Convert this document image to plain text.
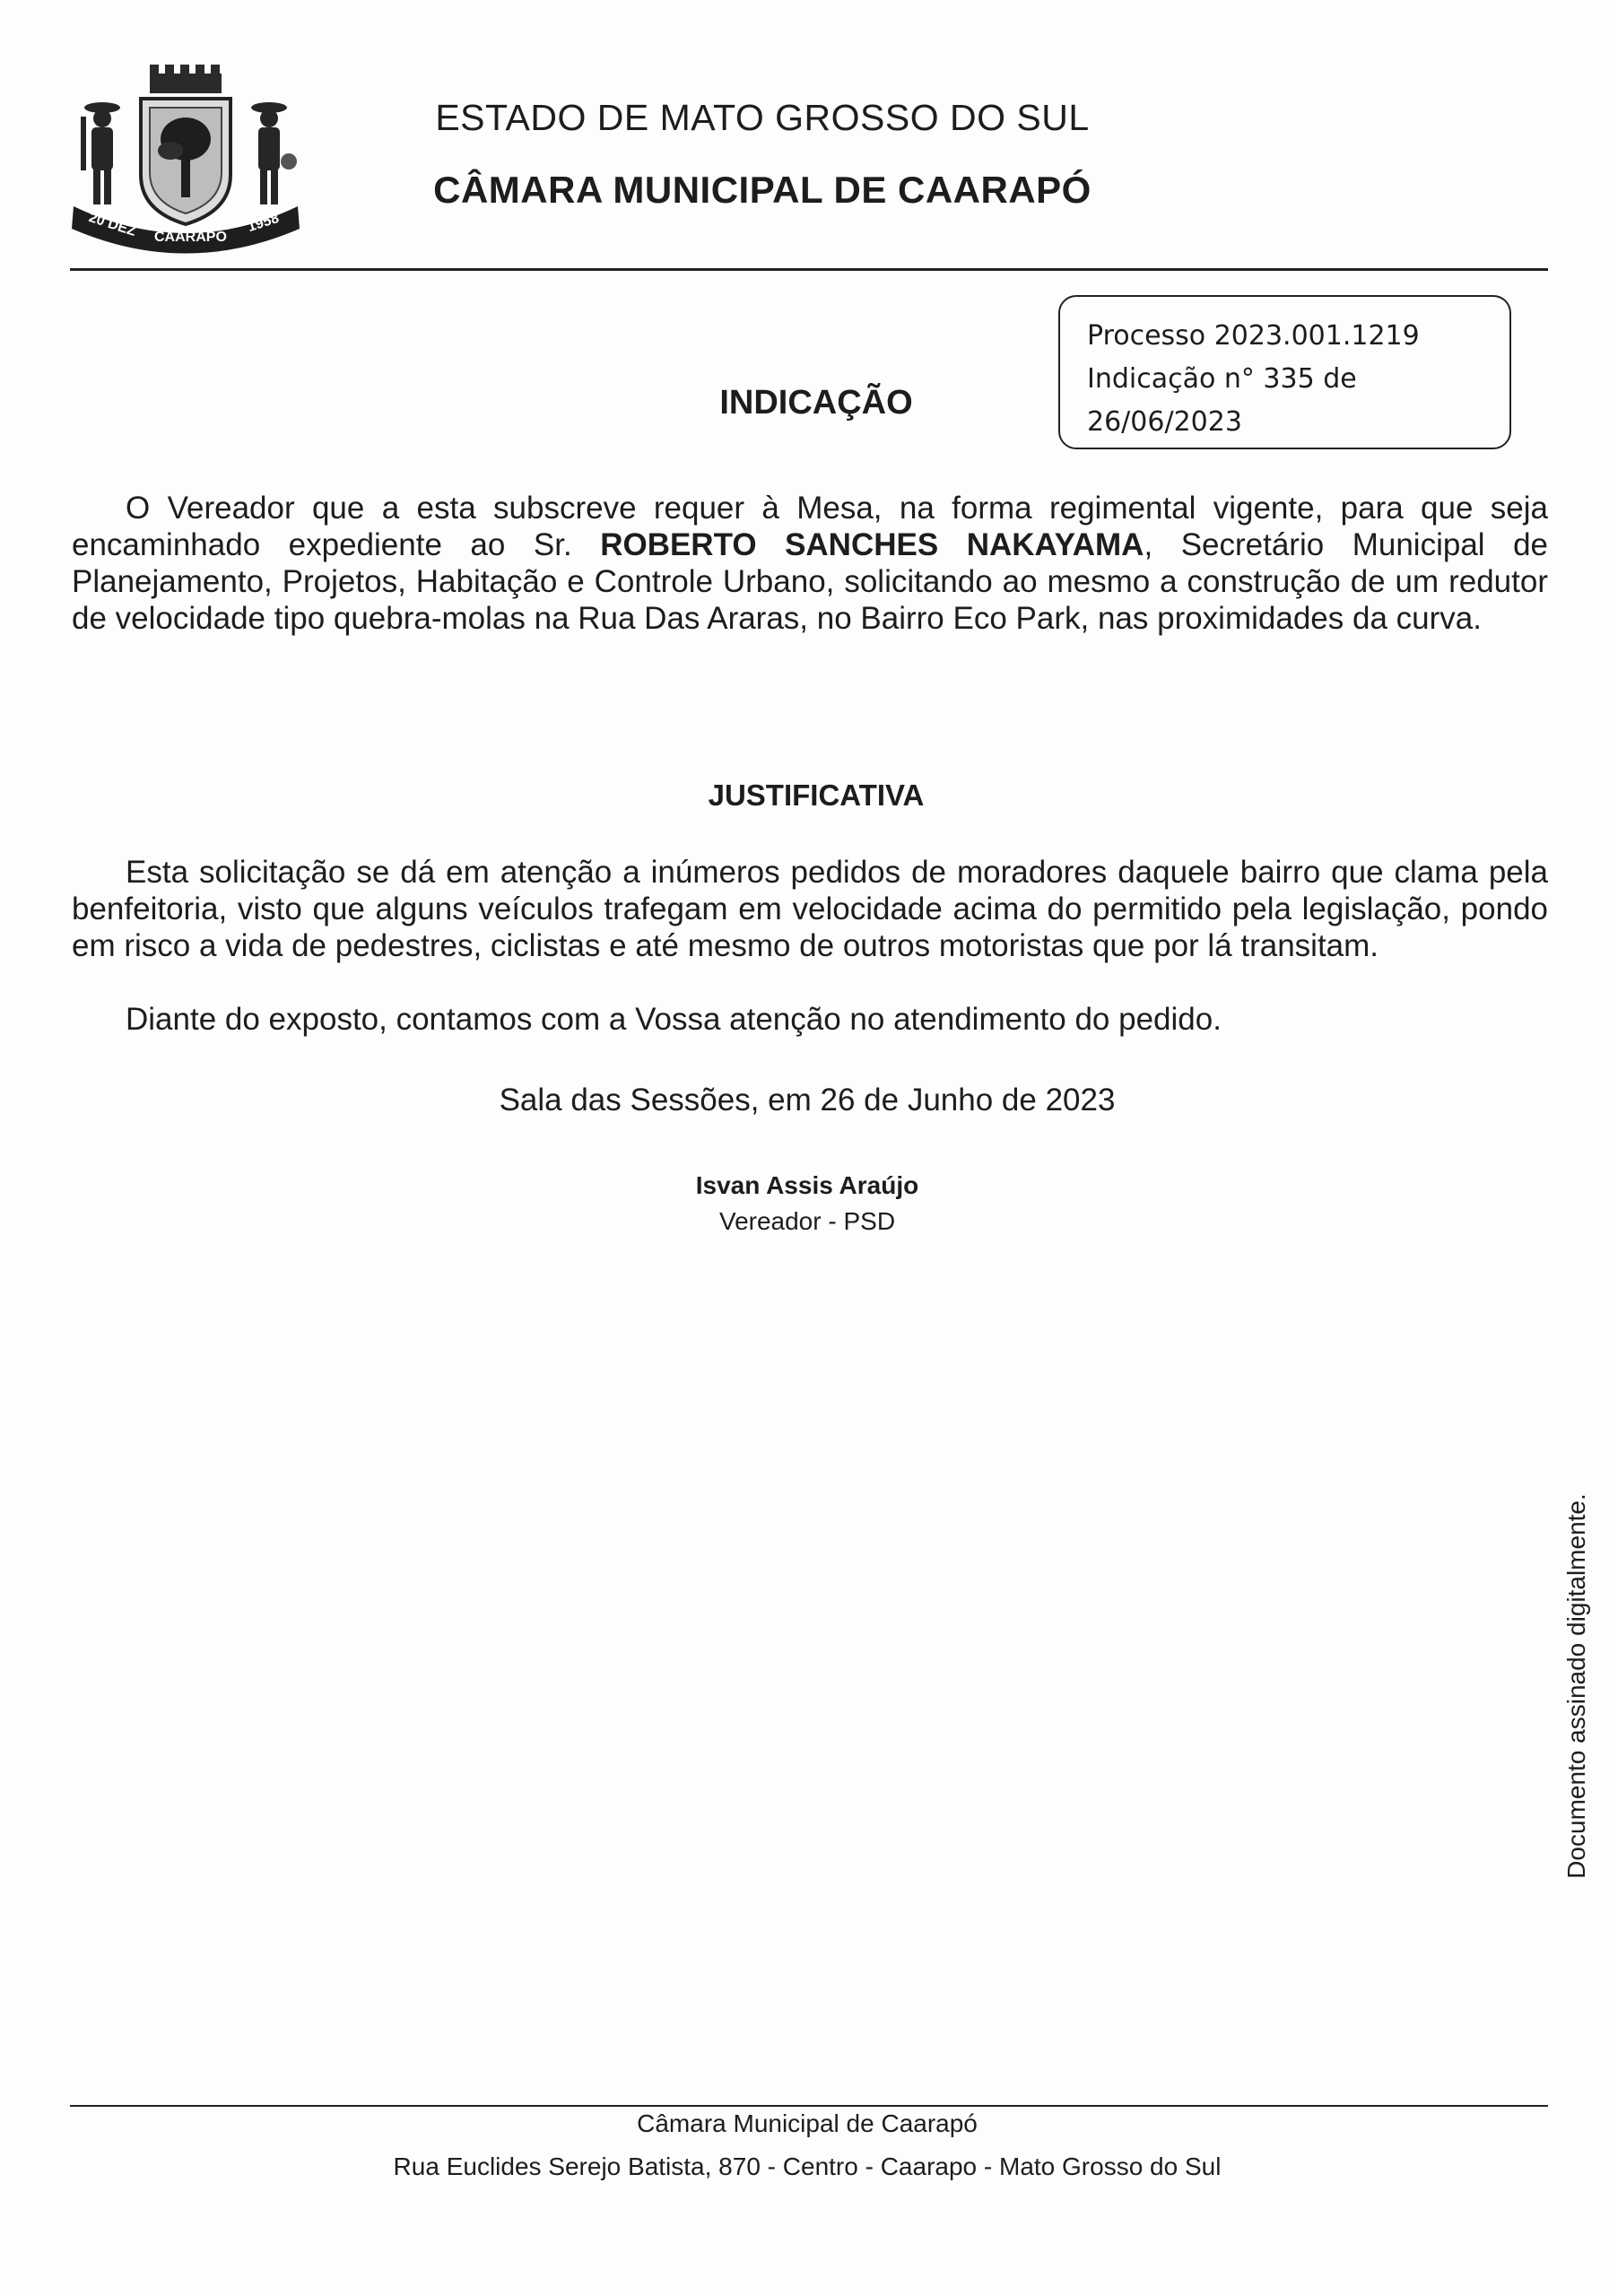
20 DEZ CAARAPÓ
1958
ESTADO DE MATO GROSSO DO SUL
CÂMARA MUNICIPAL DE CAARAPÓ
Processo 2023.001.1219
Indicação n° 335 de
26/06/2023
INDICAÇÃO
O Vereador que a esta subscreve requer à Mesa, na forma regimental vigente, para que seja encaminhado expediente ao Sr. ROBERTO SANCHES NAKAYAMA, Secretário Municipal de Planejamento, Projetos, Habitação e Controle Urbano, solicitando ao mesmo a construção de um redutor de velocidade tipo quebra-molas na Rua Das Araras, no Bairro Eco Park, nas proximidades da curva.
JUSTIFICATIVA
Esta solicitação se dá em atenção a inúmeros pedidos de moradores daquele bairro que clama pela benfeitoria, visto que alguns veículos trafegam em velocidade acima do permitido pela legislação, pondo em risco a vida de pedestres, ciclistas e até mesmo de outros motoristas que por lá transitam.
Diante do exposto, contamos com a Vossa atenção no atendimento do pedido.
Sala das Sessões, em 26 de Junho de 2023
Isvan Assis Araújo
Vereador - PSD
Documento assinado digitalmente.
Câmara Municipal de Caarapó
Rua Euclides Serejo Batista, 870 - Centro - Caarapo - Mato Grosso do Sul
